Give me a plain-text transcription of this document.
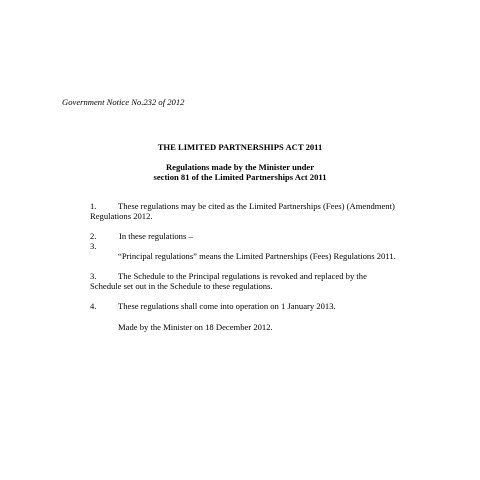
Government Notice No.232 of 2012
THE LIMITED PARTNERSHIPS ACT 2011
Regulations made by the Minister under
section 81 of the Limited Partnerships Act 2011
1.	These regulations may be cited as the Limited Partnerships (Fees) (Amendment)
Regulations 2012.
2.	In these regulations –
3.
“Principal regulations” means the Limited Partnerships (Fees) Regulations 2011.
3.	The Schedule to the Principal regulations is revoked and replaced by the
Schedule set out in the Schedule to these regulations.
4.	These regulations shall come into operation on 1 January 2013.
Made by the Minister on 18 December 2012.
